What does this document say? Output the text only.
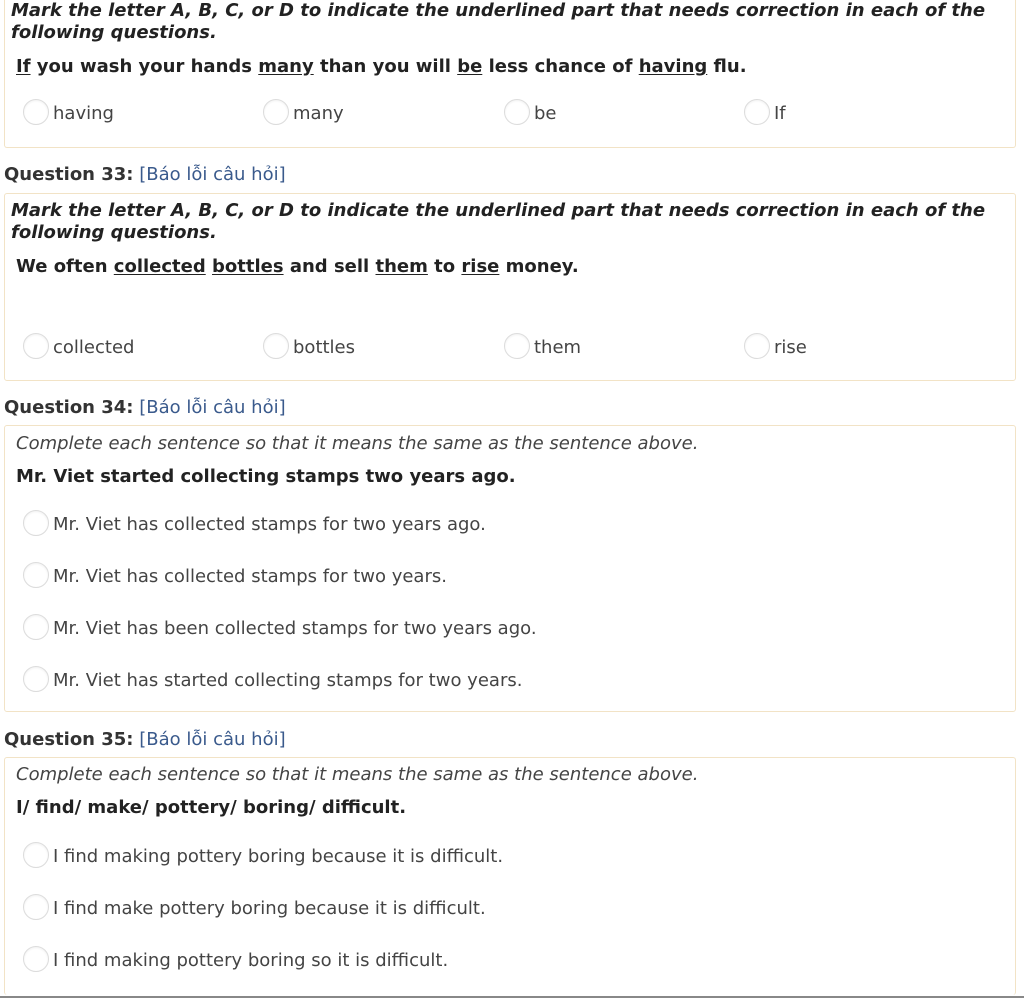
Mark the letter A, B, C, or D to indicate the underlined part that needs correction in each of the following questions.

If you wash your hands many than you will be less chance of having flu.

having	many	be	If

Question 33: [Báo lỗi câu hỏi]

Mark the letter A, B, C, or D to indicate the underlined part that needs correction in each of the following questions.

We often collected bottles and sell them to rise money.

collected	bottles	them	rise

Question 34: [Báo lỗi câu hỏi]

Complete each sentence so that it means the same as the sentence above.

Mr. Viet started collecting stamps two years ago.

Mr. Viet has collected stamps for two years ago.
Mr. Viet has collected stamps for two years.
Mr. Viet has been collected stamps for two years ago.
Mr. Viet has started collecting stamps for two years.

Question 35: [Báo lỗi câu hỏi]

Complete each sentence so that it means the same as the sentence above.

I/ find/ make/ pottery/ boring/ difficult.

I find making pottery boring because it is difficult.
I find make pottery boring because it is difficult.
I find making pottery boring so it is difficult.
